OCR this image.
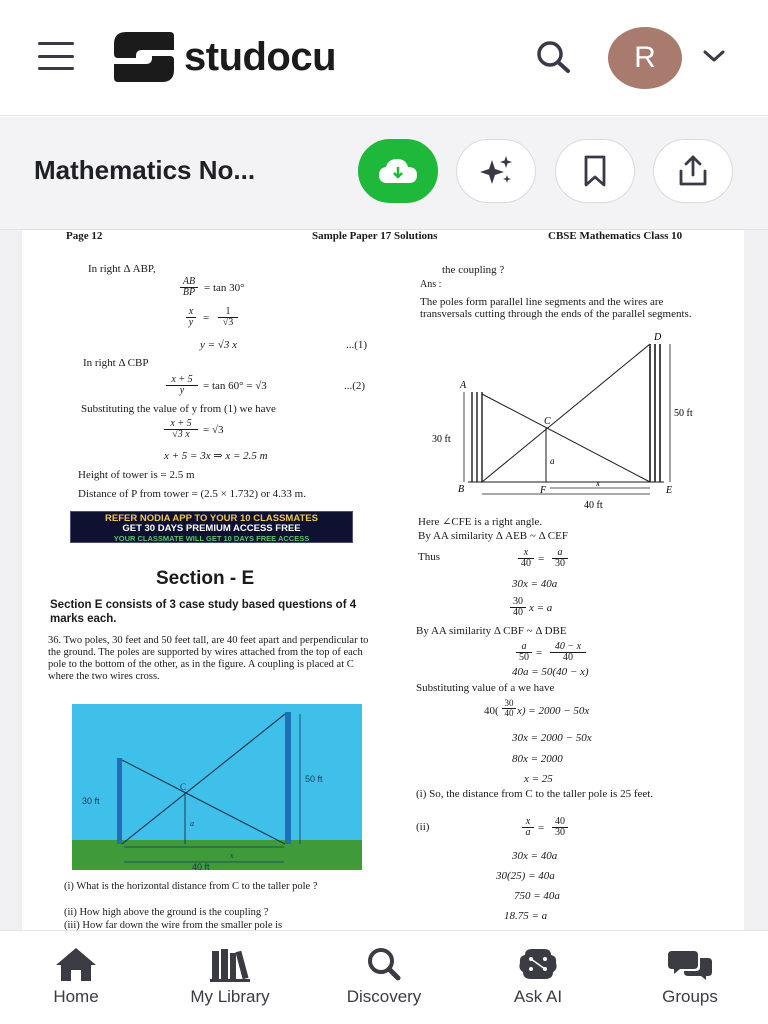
studocu	R
Mathematics No...
Page 12	Sample Paper 17 Solutions	CBSE Mathematics Class 10
In right Δ ABP,
AB
BP = tan 30°
x
y =
1
√3
y = √3 x	...(1)
In right Δ CBP
x + 5
y	= tan 60° = √3	...(2)
Substituting the value of y from (1) we have
x + 5
√3 x	= √3
x + 5 = 3x ⇒ x = 2.5 m
Height of tower is = 2.5 m
Distance of P from tower = (2.5 × 1.732) or 4.33 m.
REFER NODIA APP TO YOUR 10 CLASSMATES
GET 30 DAYS PREMIUM ACCESS FREE
YOUR CLASSMATE WILL GET 10 DAYS FREE ACCESS
Section - E
Section E consists of 3 case study based questions of 4 marks each.
36. Two poles, 30 feet and 50 feet tall, are 40 feet apart and perpendicular to the ground. The poles are supported by wires attached from the top of each pole to the bottom of the other, as in the figure. A coupling is placed at C where the two wires cross.
30 ft
50 ft
40 ft
C
a
x
(i) What is the horizontal distance from C to the taller pole ?
(ii) How high above the ground is the coupling ?
(iii) How far down the wire from the smaller pole is
the coupling ?
Ans :
The poles form parallel line segments and the wires are transversals cutting through the ends of the parallel segments.
D
A
C
B	F	E
50 ft
30 ft
40 ft
a
x
Here ∠CFE is a right angle.
By AA similarity Δ AEB ~ Δ CEF
Thus	x
40 =
a
30
30x = 40a
30
40 x = a
By AA similarity Δ CBF ~ Δ DBE
a
50 =
40 − x
40
40a = 50(40 − x)
Substituting value of a we have
40(
30
40 x) = 2000 − 50x
30x = 2000 − 50x
80x = 2000
x = 25
(i) So, the distance from C to the taller pole is 25 feet.
(ii)	x
a =
40
30
30x = 40a
30(25) = 40a
750 = 40a
18.75 = a
Home	My Library	Discovery	Ask AI	Groups
